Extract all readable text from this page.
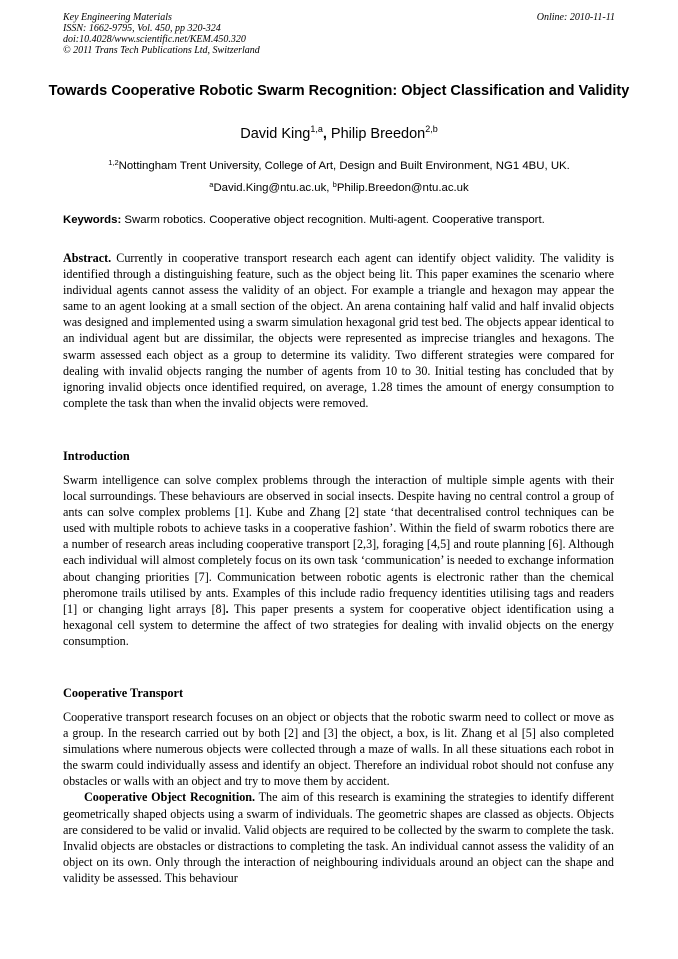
Key Engineering Materials
ISSN: 1662-9795, Vol. 450, pp 320-324
doi:10.4028/www.scientific.net/KEM.450.320
© 2011 Trans Tech Publications Ltd, Switzerland
Online: 2010-11-11
Towards Cooperative Robotic Swarm Recognition: Object Classification and Validity
David King$^{1,a}$, Philip Breedon$^{2,b}$
$^{1,2}$Nottingham Trent University, College of Art, Design and Built Environment, NG1 4BU, UK.
$^a$David.King@ntu.ac.uk, $^b$Philip.Breedon@ntu.ac.uk
Keywords: Swarm robotics. Cooperative object recognition. Multi-agent. Cooperative transport.

Abstract. Currently in cooperative transport research each agent can identify object validity. The validity is identified through a distinguishing feature, such as the object being lit. This paper examines the scenario where individual agents cannot assess the validity of an object. For example a triangle and hexagon may appear the same to an agent looking at a small section of the object. An arena containing half valid and half invalid objects was designed and implemented using a swarm simulation hexagonal grid test bed. The objects appear identical to an individual agent but are dissimilar, the objects were represented as imprecise triangles and hexagons. The swarm assessed each object as a group to determine its validity. Two different strategies were compared for dealing with invalid objects ranging the number of agents from 10 to 30. Initial testing has concluded that by ignoring invalid objects once identified required, on average, 1.28 times the amount of energy consumption to complete the task than when the invalid objects were removed.

Introduction

Swarm intelligence can solve complex problems through the interaction of multiple simple agents with their local surroundings. These behaviours are observed in social insects. Despite having no central control a group of ants can solve complex problems [1]. Kube and Zhang [2] state ‘that decentralised control techniques can be used with multiple robots to achieve tasks in a cooperative fashion’. Within the field of swarm robotics there are a number of research areas including cooperative transport [2,3], foraging [4,5] and route planning [6]. Although each individual will almost completely focus on its own task ‘communication’ is needed to exchange information about changing priorities [7]. Communication between robotic agents is electronic rather than the chemical pheromone trails utilised by ants. Examples of this include radio frequency identities utilising tags and readers [1] or changing light arrays [8]. This paper presents a system for cooperative object identification using a hexagonal cell system to determine the affect of two strategies for dealing with invalid objects on the energy consumption.

Cooperative Transport

Cooperative transport research focuses on an object or objects that the robotic swarm need to collect or move as a group. In the research carried out by both [2] and [3] the object, a box, is lit. Zhang et al [5] also completed simulations where numerous objects were collected through a maze of walls. In all these situations each robot in the swarm could individually assess and identify an object. Therefore an individual robot should not confuse any obstacles or walls with an object and try to move them by accident.

Cooperative Object Recognition. The aim of this research is examining the strategies to identify different geometrically shaped objects using a swarm of individuals. The geometric shapes are classed as objects. Objects are considered to be valid or invalid. Valid objects are required to be collected by the swarm to complete the task. Invalid objects are obstacles or distractions to completing the task. An individual cannot assess the validity of an object on its own. Only through the interaction of neighbouring individuals around an object can the shape and validity be assessed. This behaviour
